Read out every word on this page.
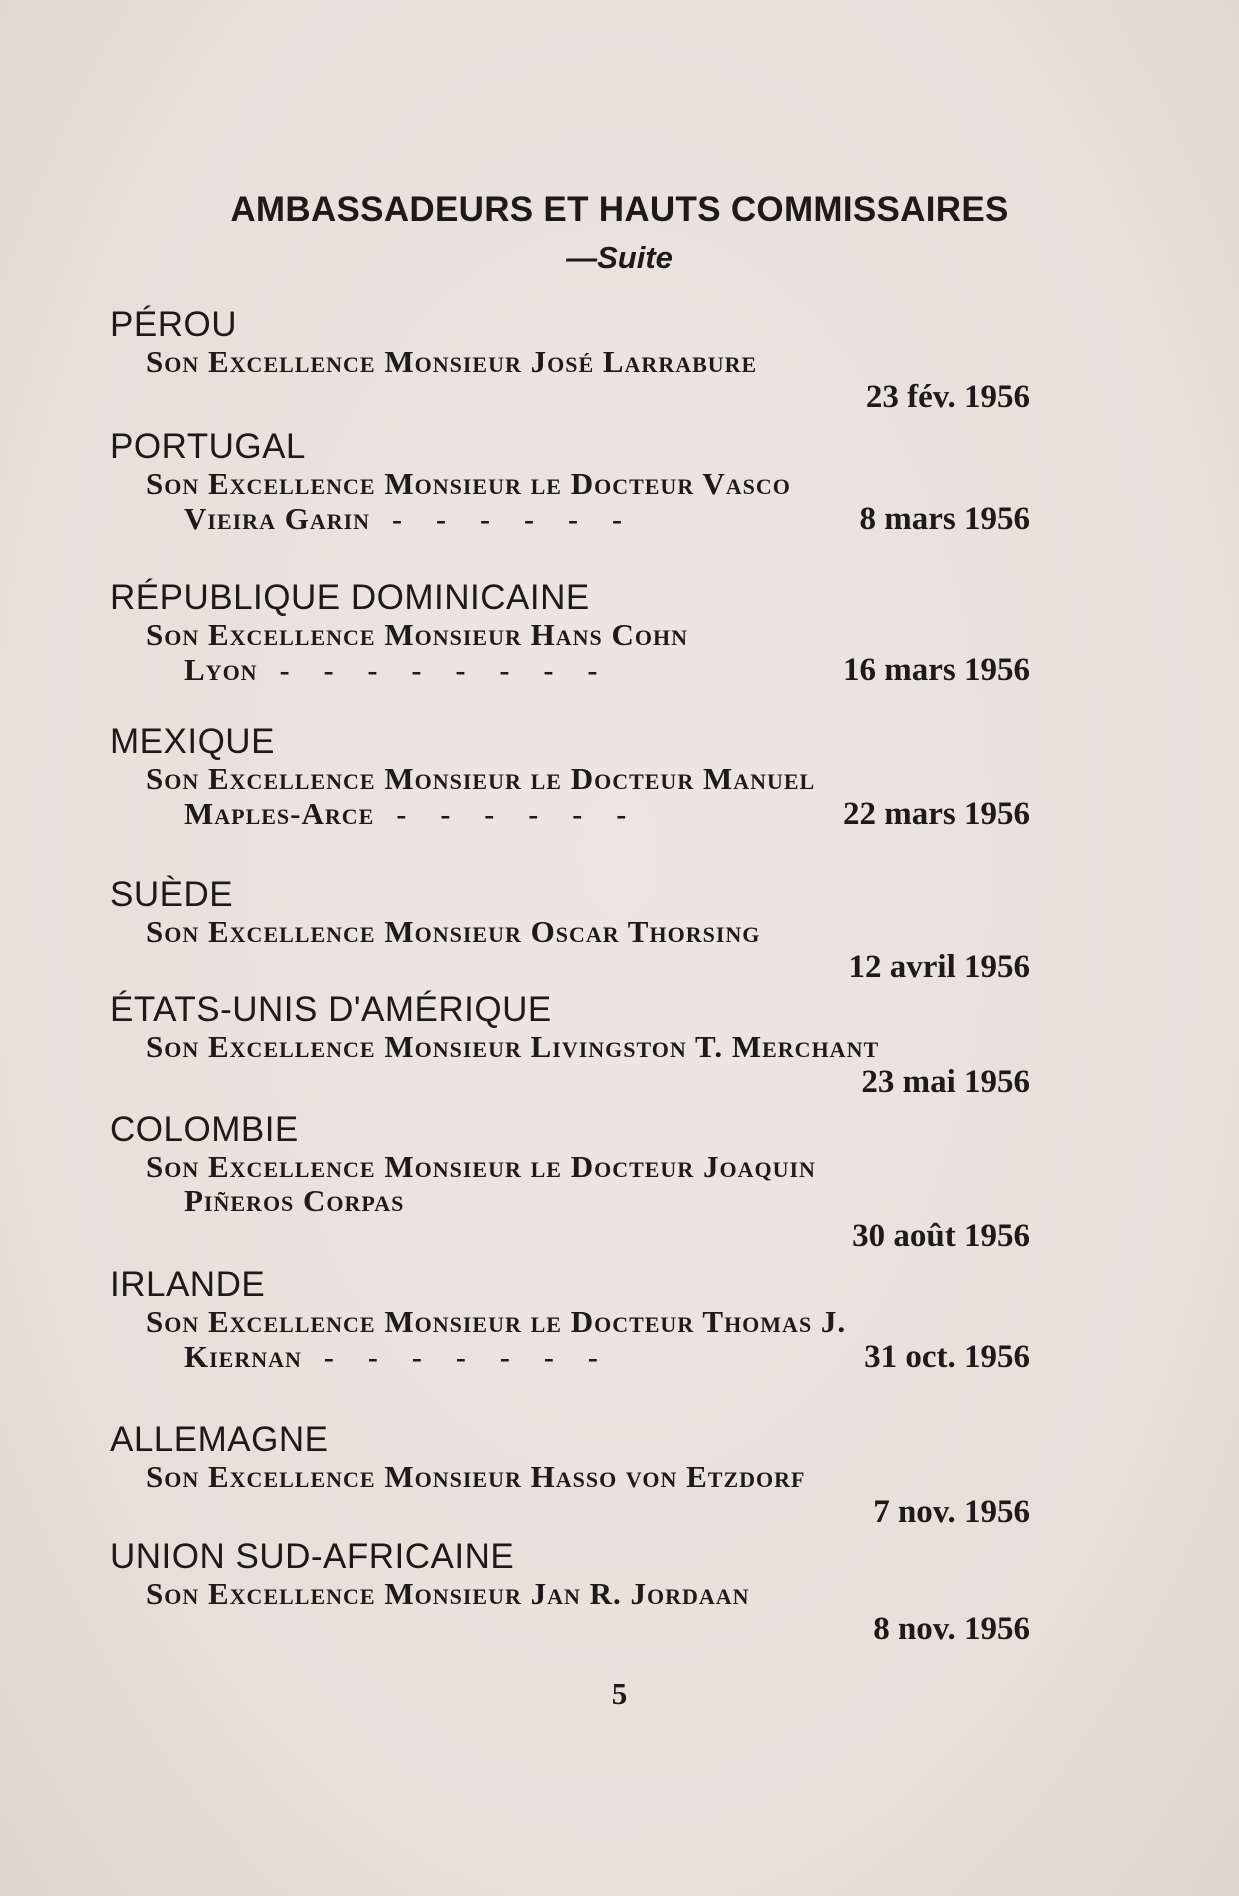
AMBASSADEURS ET HAUTS COMMISSAIRES
—Suite
PÉROU
Son Excellence Monsieur José Larrabure
23 fév. 1956
PORTUGAL
Son Excellence Monsieur le Docteur Vasco
Vieira Garin ------	8 mars 1956
RÉPUBLIQUE DOMINICAINE
Son Excellence Monsieur Hans Cohn
Lyon --------	16 mars 1956
MEXIQUE
Son Excellence Monsieur le Docteur Manuel
Maples-Arce ------	22 mars 1956
SUÈDE
Son Excellence Monsieur Oscar Thorsing
12 avril 1956
ÉTATS-UNIS D'AMÉRIQUE
Son Excellence Monsieur Livingston T. Merchant
23 mai 1956
COLOMBIE
Son Excellence Monsieur le Docteur Joaquin
Piñeros Corpas
30 août 1956
IRLANDE
Son Excellence Monsieur le Docteur Thomas J.
Kiernan -------	31 oct. 1956
ALLEMAGNE
Son Excellence Monsieur Hasso von Etzdorf
7 nov. 1956
UNION SUD-AFRICAINE
Son Excellence Monsieur Jan R. Jordaan
8 nov. 1956
5
